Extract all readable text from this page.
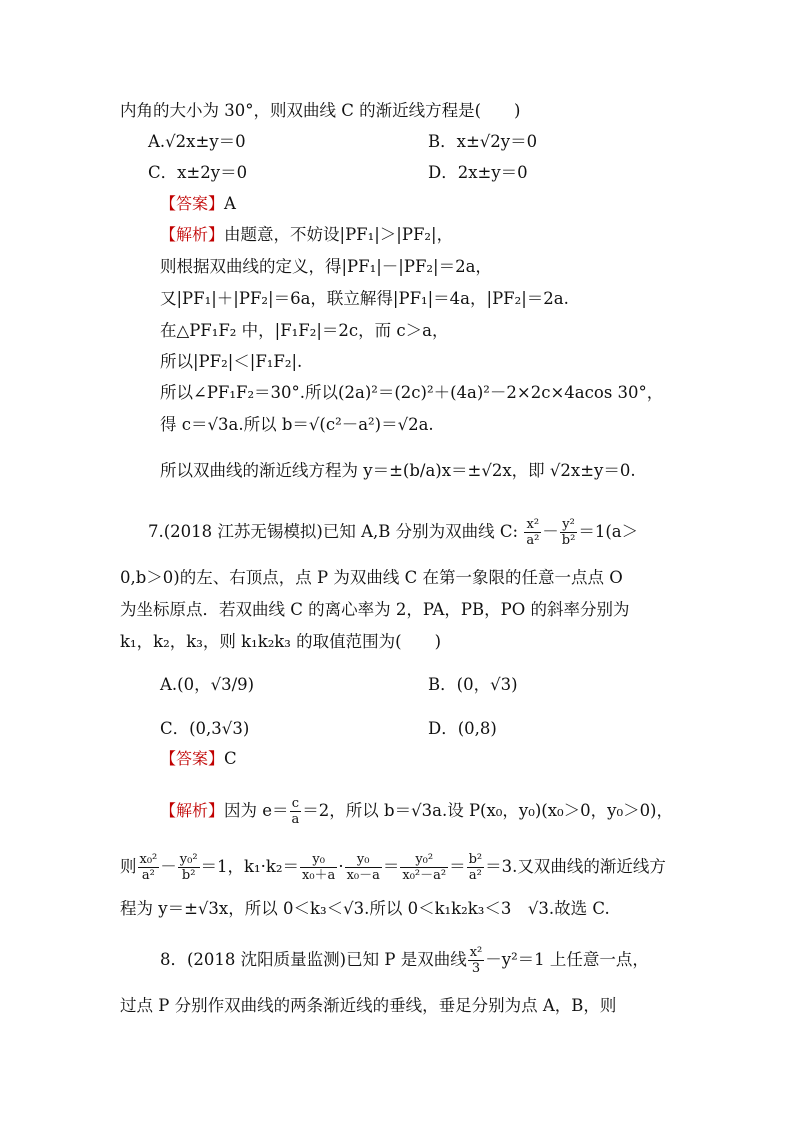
内角的大小为 30°，则双曲线 C 的渐近线方程是(　　)
A.√2x±y＝0	B．x±√2y＝0
C．x±2y＝0	D．2x±y＝0
【答案】A
【解析】由题意，不妨设|PF₁|＞|PF₂|，
则根据双曲线的定义，得|PF₁|－|PF₂|＝2a，
又|PF₁|＋|PF₂|＝6a，联立解得|PF₁|＝4a，|PF₂|＝2a.
在△PF₁F₂ 中，|F₁F₂|＝2c，而 c＞a，
所以|PF₂|＜|F₁F₂|.
所以∠PF₁F₂＝30°.所以(2a)²＝(2c)²＋(4a)²－2×2c×4acos 30°，
得 c＝√3a.所以 b＝√(c²－a²)＝√2a.
所以双曲线的渐近线方程为 y＝±(b/a)x＝±√2x，即 √2x±y＝0.
7.(2018 江苏无锡模拟)已知 A,B 分别为双曲线 C: $\frac{\text{x²}}{\text{a²}} - \frac{\text{y²}}{\text{b²}} =1(a>$
0,b＞0)的左、右顶点，点 P 为双曲线 C 在第一象限的任意一点点 O
为坐标原点．若双曲线 C 的离心率为 2，PA，PB，PO 的斜率分别为
k₁，k₂，k₃，则 k₁k₂k₃ 的取值范围为(　　)
A.(0，√3/9)	B．(0，√3)
C．(0,3√3)	D．(0,8)
【答案】C
【解析】因为 $e= \frac{c}{a} =2$，所以 b＝√3a.设 P(x₀，y₀)(x₀＞0，y₀＞0)，
则 $\frac{\text{x₀²}}{\text{a²}} - \frac{\text{y₀²}}{\text{b²}} =1$，$k_1\cdot k_2= \frac{\text{y₀}}{\text{x₀＋a}} \cdot \frac{\text{y₀}}{\text{x₀－a}} = \frac{\text{y₀²}}{\text{x₀²－a²}} = \frac{\text{b²}}{\text{a²}} =3$.又双曲线的渐近线方
程为 y＝±√3x，所以 0＜k₃＜√3.所以 0＜k₁k₂k₃＜3　√3.故选 C.
8．(2018 沈阳质量监测)已知 P 是双曲线 $\frac{\text{x²}}{3} -y^2=1$ 上任意一点，
过点 P 分别作双曲线的两条渐近线的垂线，垂足分别为点 A，B，则
